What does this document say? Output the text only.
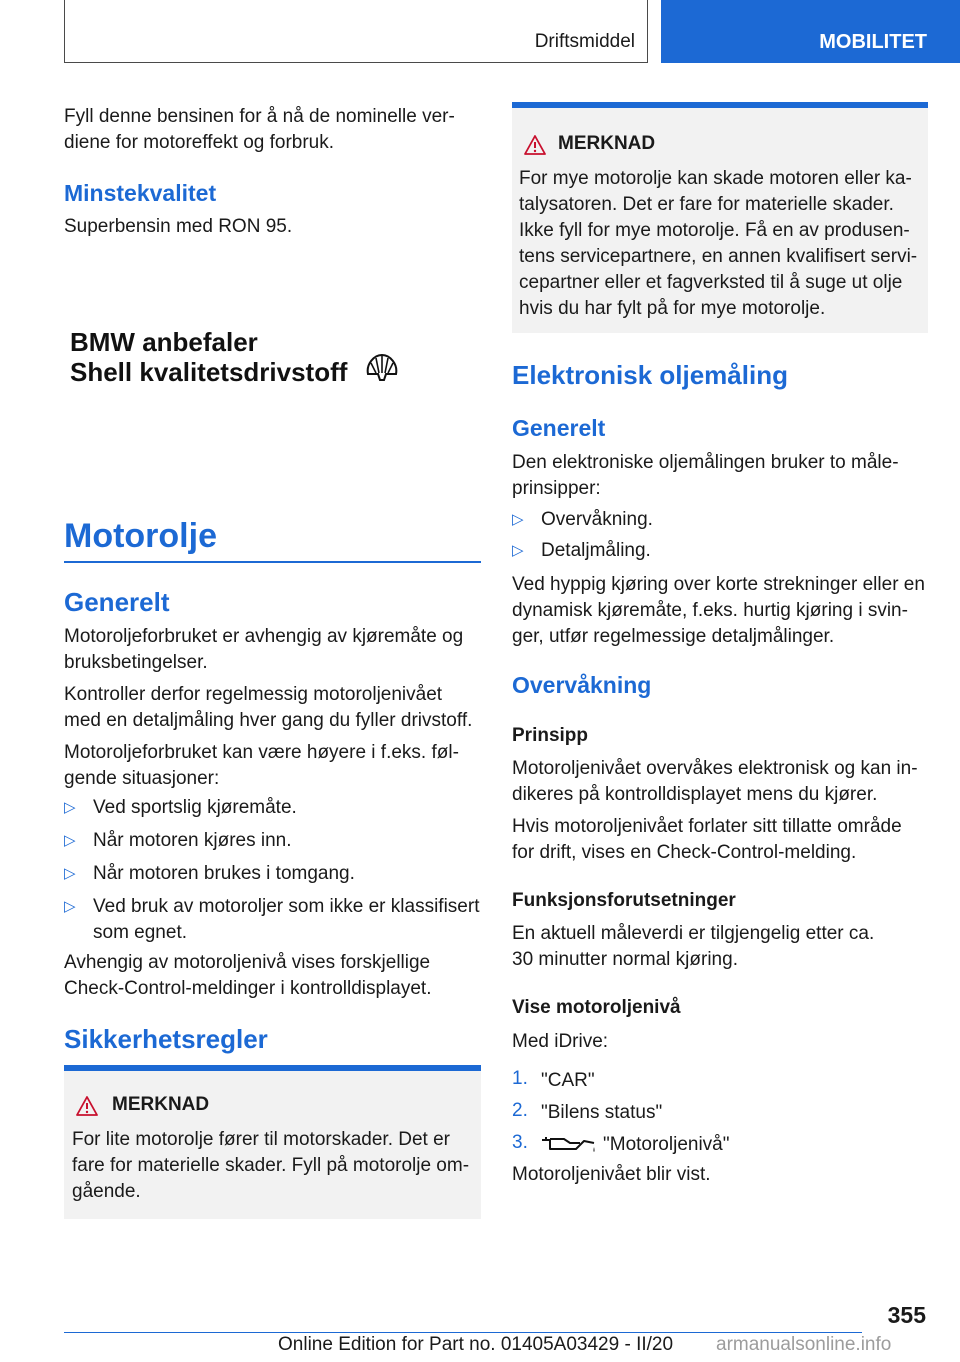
Driftsmiddel	MOBILITET

Fyll denne bensinen for å nå de nominelle ver-

diene for motoreffekt og forbruk.

Minstekvalitet

Superbensin med RON 95.

BMW anbefaler
Shell kvalitetsdrivstoff
Motorolje
Generelt

Motoroljeforbruket er avhengig av kjøremåte og

bruksbetingelser.

Kontroller derfor regelmessig motoroljenivået

med en detaljmåling hver gang du fyller drivstoff.

Motoroljeforbruket kan være høyere i f.eks. føl-

gende situasjoner:

▷ Ved sportslig kjøremåte.
▷ Når motoren kjøres inn.
▷ Når motoren brukes i tomgang.
▷ Ved bruk av motoroljer som ikke er klassifisert
som egnet.

Avhengig av motoroljenivå vises forskjellige

Check-Control-meldinger i kontrolldisplayet.

Sikkerhetsregler
MERKNAD

For lite motorolje fører til motorskader. Det er

fare for materielle skader. Fyll på motorolje om-

gående.

MERKNAD

For mye motorolje kan skade motoren eller ka-

talysatoren. Det er fare for materielle skader.

Ikke fyll for mye motorolje. Få en av produsen-

tens servicepartnere, en annen kvalifisert servi-

cepartner eller et fagverksted til å suge ut olje

hvis du har fylt på for mye motorolje.

Elektronisk oljemåling
Generelt

Den elektroniske oljemålingen bruker to måle-

prinsipper:

▷ Overvåkning.
▷ Detaljmåling.

Ved hyppig kjøring over korte strekninger eller en

dynamisk kjøremåte, f.eks. hurtig kjøring i svin-

ger, utfør regelmessige detaljmålinger.

Overvåkning
Prinsipp

Motoroljenivået overvåkes elektronisk og kan in-

dikeres på kontrolldisplayet mens du kjører.

Hvis motoroljenivået forlater sitt tillatte område

for drift, vises en Check-Control-melding.

Funksjonsforutsetninger

En aktuell måleverdi er tilgjengelig etter ca.

30 minutter normal kjøring.

Vise motoroljenivå

Med iDrive:

1. "CAR"
2. "Bilens status"
3.	"Motoroljenivå"

Motoroljenivået blir vist.

355
Online Edition for Part no. 01405A03429 - II/20 armanualsonline.info
